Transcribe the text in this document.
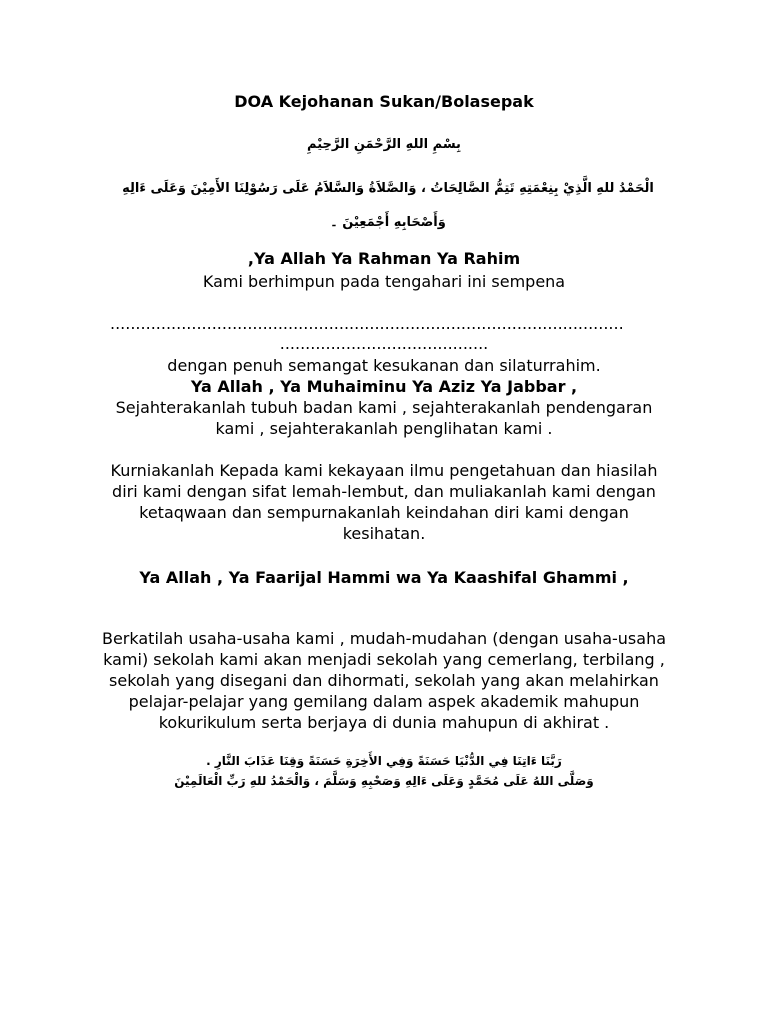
DOA Kejohanan Sukan/Bolasepak
بِسْمِ اللهِ الرَّحْمَنِ الرَّحِيْمِ
الْحَمْدُ للهِ الَّذِيْ بِنِعْمَتِهِ تَتِمُّ الصَّالِحَاتُ ، وَالصَّلاَةُ وَالسَّلاَمُ عَلَى رَسُوْلِنَا الأَمِيْنَ وَعَلَى ءَالِهِ وَأَصْحَابِهِ أَجْمَعِيْنَ ۔
,Ya Allah Ya Rahman Ya Rahim
Kami berhimpun pada tengahari ini sempena
.....................................................................................................
.........................................
dengan penuh semangat kesukanan dan silaturrahim.
Ya Allah , Ya Muhaiminu Ya Aziz Ya Jabbar ,
Sejahterakanlah tubuh badan kami , sejahterakanlah pendengaran kami , sejahterakanlah penglihatan kami .
Kurniakanlah Kepada kami kekayaan ilmu pengetahuan dan hiasilah diri kami dengan sifat lemah-lembut, dan muliakanlah kami dengan ketaqwaan dan sempurnakanlah keindahan diri kami dengan kesihatan.
Ya Allah , Ya Faarijal Hammi wa Ya Kaashifal Ghammi ,
Berkatilah usaha-usaha kami , mudah-mudahan (dengan usaha-usaha kami) sekolah kami akan menjadi sekolah yang cemerlang, terbilang , sekolah yang disegani dan dihormati, sekolah yang akan melahirkan pelajar-pelajar yang gemilang dalam aspek akademik mahupun kokurikulum serta berjaya di dunia mahupun di akhirat .
رَبَّنَا ءَاتِنَا فِي الدُّنْيَا حَسَنَةً وَفِي الأَخِرَةِ حَسَنَةً وَقِنَا عَذَابَ النَّارِ .
وَصَلَّى اللهُ عَلَى مُحَمَّدٍ وَعَلَى ءَالِهِ وَصَحْبِهِ وَسَلَّمَ ، وَالْحَمْدُ للهِ رَبِّ الْعَالَمِيْنَ
